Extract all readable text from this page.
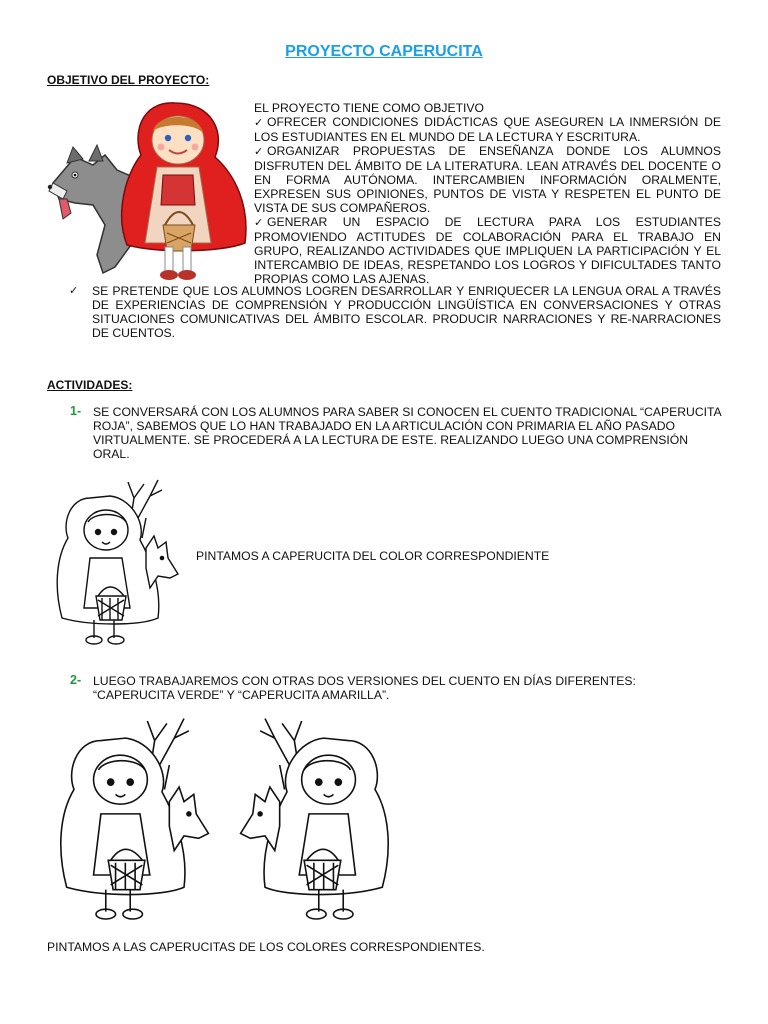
PROYECTO CAPERUCITA
OBJETIVO DEL PROYECTO:
EL PROYECTO TIENE COMO OBJETIVO
✓ OFRECER CONDICIONES DIDÁCTICAS QUE ASEGUREN LA INMERSIÓN DE LOS ESTUDIANTES EN EL MUNDO DE LA LECTURA Y ESCRITURA.
✓ ORGANIZAR PROPUESTAS DE ENSEÑANZA DONDE LOS ALUMNOS DISFRUTEN DEL ÁMBITO DE LA LITERATURA. LEAN ATRAVÉS DEL DOCENTE O EN FORMA AUTÓNOMA. INTERCAMBIEN INFORMACIÓN ORALMENTE, EXPRESEN SUS OPINIONES, PUNTOS DE VISTA Y RESPETEN EL PUNTO DE VISTA DE SUS COMPAÑEROS.
✓ GENERAR UN ESPACIO DE LECTURA PARA LOS ESTUDIANTES PROMOVIENDO ACTITUDES DE COLABORACIÓN PARA EL TRABAJO EN GRUPO, REALIZANDO ACTIVIDADES QUE IMPLIQUEN LA PARTICIPACIÓN Y EL INTERCAMBIO DE IDEAS, RESPETANDO LOS LOGROS Y DIFICULTADES TANTO PROPIAS COMO LAS AJENAS.
✓	SE PRETENDE QUE LOS ALUMNOS LOGREN DESARROLLAR Y ENRIQUECER LA LENGUA ORAL A TRAVÉS DE EXPERIENCIAS DE COMPRENSIÓN Y PRODUCCIÓN LINGÜÍSTICA EN CONVERSACIONES Y OTRAS SITUACIONES COMUNICATIVAS DEL ÁMBITO ESCOLAR. PRODUCIR NARRACIONES Y RE-NARRACIONES DE CUENTOS.
ACTIVIDADES:
1- SE CONVERSARÁ CON LOS ALUMNOS PARA SABER SI CONOCEN EL CUENTO TRADICIONAL “CAPERUCITA ROJA”, SABEMOS QUE LO HAN TRABAJADO EN LA ARTICULACIÓN CON PRIMARIA EL AÑO PASADO VIRTUALMENTE. SE PROCEDERÁ A LA LECTURA DE ESTE. REALIZANDO LUEGO UNA COMPRENSIÓN ORAL.
PINTAMOS A CAPERUCITA DEL COLOR CORRESPONDIENTE
2- LUEGO TRABAJAREMOS CON OTRAS DOS VERSIONES DEL CUENTO EN DÍAS DIFERENTES: “CAPERUCITA VERDE” Y “CAPERUCITA AMARILLA”.
PINTAMOS A LAS CAPERUCITAS DE LOS COLORES CORRESPONDIENTES.
